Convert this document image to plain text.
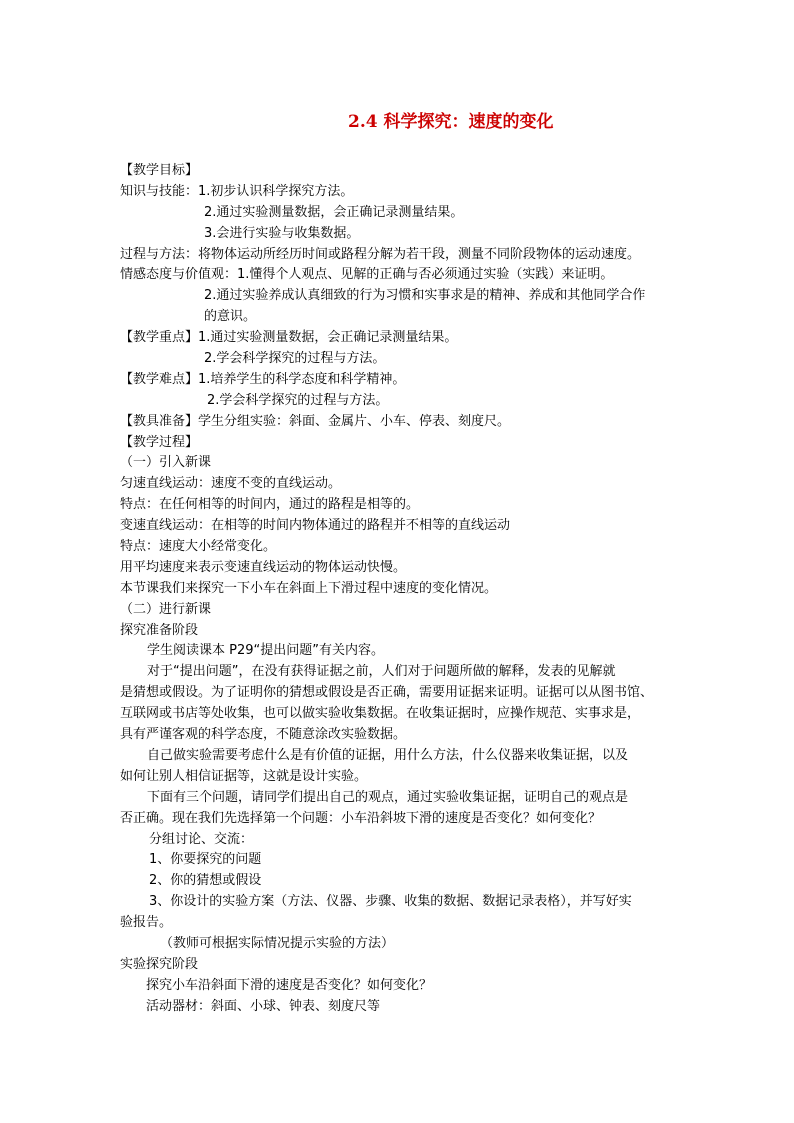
2.4 科学探究：速度的变化
【教学目标】
知识与技能：1.初步认识科学探究方法。
2.通过实验测量数据，会正确记录测量结果。
3.会进行实验与收集数据。
过程与方法：将物体运动所经历时间或路程分解为若干段，测量不同阶段物体的运动速度。
情感态度与价值观：1.懂得个人观点、见解的正确与否必须通过实验（实践）来证明。
2.通过实验养成认真细致的行为习惯和实事求是的精神、养成和其他同学合作
的意识。
【教学重点】1.通过实验测量数据，会正确记录测量结果。
2.学会科学探究的过程与方法。
【教学难点】1.培养学生的科学态度和科学精神。
2.学会科学探究的过程与方法。
【教具准备】学生分组实验：斜面、金属片、小车、停表、刻度尺。
【教学过程】
（一）引入新课
匀速直线运动：速度不变的直线运动。
特点：在任何相等的时间内，通过的路程是相等的。
变速直线运动：在相等的时间内物体通过的路程并不相等的直线运动
特点：速度大小经常变化。
用平均速度来表示变速直线运动的物体运动快慢。
本节课我们来探究一下小车在斜面上下滑过程中速度的变化情况。
（二）进行新课
探究准备阶段
学生阅读课本 P29“提出问题”有关内容。
对于“提出问题”，在没有获得证据之前，人们对于问题所做的解释，发表的见解就
是猜想或假设。为了证明你的猜想或假设是否正确，需要用证据来证明。证据可以从图书馆、
互联网或书店等处收集，也可以做实验收集数据。在收集证据时，应操作规范、实事求是，
具有严谨客观的科学态度，不随意涂改实验数据。
自己做实验需要考虑什么是有价值的证据，用什么方法，什么仪器来收集证据，以及
如何让别人相信证据等，这就是设计实验。
下面有三个问题，请同学们提出自己的观点，通过实验收集证据，证明自己的观点是
否正确。现在我们先选择第一个问题：小车沿斜坡下滑的速度是否变化？如何变化？
分组讨论、交流：
1、你要探究的问题
2、你的猜想或假设
3、你设计的实验方案（方法、仪器、步骤、收集的数据、数据记录表格），并写好实
验报告。
（教师可根据实际情况提示实验的方法）
实验探究阶段
探究小车沿斜面下滑的速度是否变化？如何变化？
活动器材：斜面、小球、钟表、刻度尺等
